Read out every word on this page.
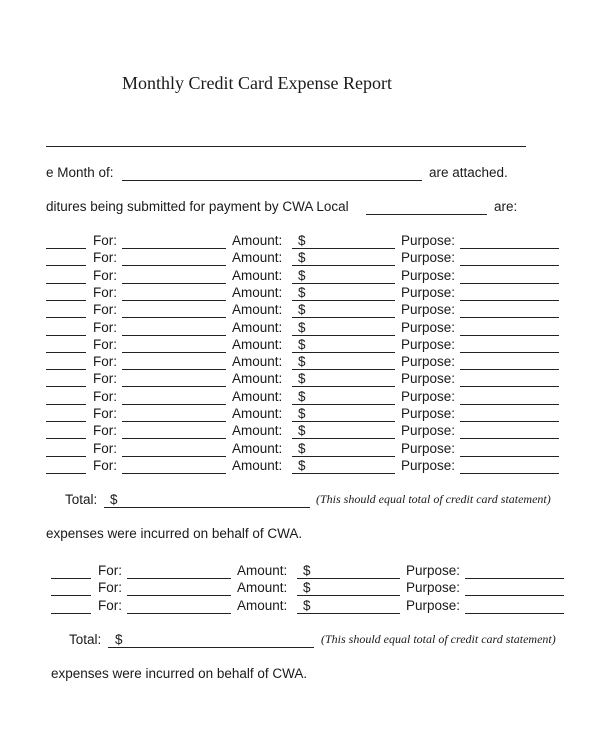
Monthly Credit Card Expense Report
e Month of:	are attached.
ditures being submitted for payment by CWA Local	are:
For:	Amount: $	Purpose:
For:	Amount: $	Purpose:
For:	Amount: $	Purpose:
For:	Amount: $	Purpose:
For:	Amount: $	Purpose:
For:	Amount: $	Purpose:
For:	Amount: $	Purpose:
For:	Amount: $	Purpose:
For:	Amount: $	Purpose:
For:	Amount: $	Purpose:
For:	Amount: $	Purpose:
For:	Amount: $	Purpose:
For:	Amount: $	Purpose:
For:	Amount: $	Purpose:
Total: $	(This should equal total of credit card statement)
expenses were incurred on behalf of CWA.
For:	Amount: $	Purpose:
For:	Amount: $	Purpose:
For:	Amount: $	Purpose:
Total: $	(This should equal total of credit card statement)
expenses were incurred on behalf of CWA.
